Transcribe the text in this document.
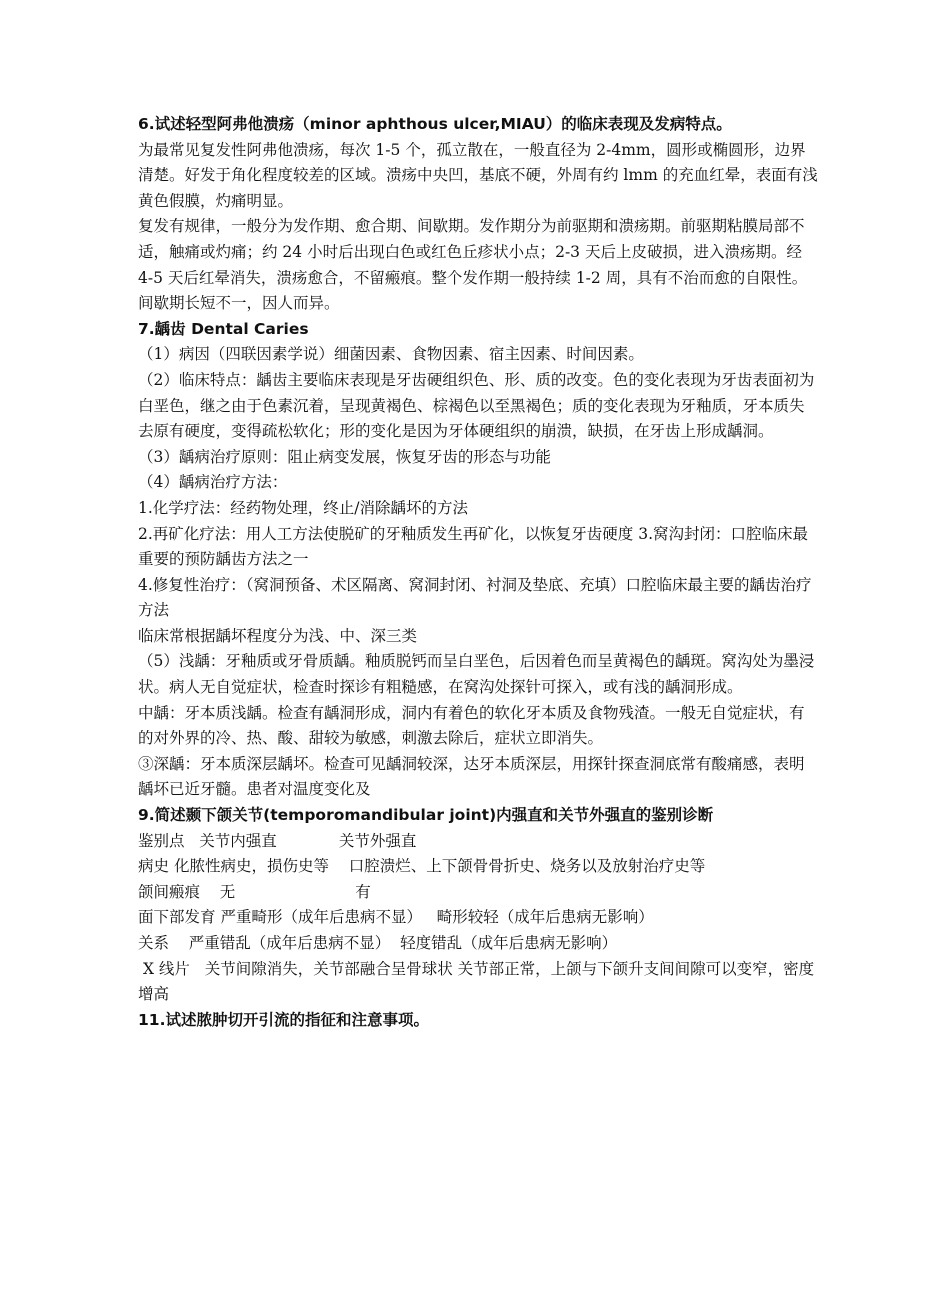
6.试述轻型阿弗他溃疡（minor aphthous ulcer,MIAU）的临床表现及发病特点。
为最常见复发性阿弗他溃疡，每次 1-5 个，孤立散在，一般直径为 2-4mm，圆形或椭圆形，边界清楚。好发于角化程度较差的区域。溃疡中央凹，基底不硬，外周有约 lmm 的充血红晕，表面有浅黄色假膜，灼痛明显。
复发有规律，一般分为发作期、愈合期、间歇期。发作期分为前驱期和溃疡期。前驱期粘膜局部不适，触痛或灼痛；约 24 小时后出现白色或红色丘疹状小点；2-3 天后上皮破损，进入溃疡期。经 4-5 天后红晕消失，溃疡愈合，不留瘢痕。整个发作期一般持续 1-2 周，具有不治而愈的自限性。间歇期长短不一，因人而异。
7.龋齿 Dental Caries
（1）病因（四联因素学说）细菌因素、食物因素、宿主因素、时间因素。
（2）临床特点：龋齿主要临床表现是牙齿硬组织色、形、质的改变。色的变化表现为牙齿表面初为白垩色，继之由于色素沉着，呈现黄褐色、棕褐色以至黑褐色；质的变化表现为牙釉质，牙本质失去原有硬度，变得疏松软化；形的变化是因为牙体硬组织的崩溃，缺损，在牙齿上形成龋洞。
（3）龋病治疗原则：阻止病变发展，恢复牙齿的形态与功能
（4）龋病治疗方法：
1.化学疗法：经药物处理，终止/消除龋坏的方法
2.再矿化疗法：用人工方法使脱矿的牙釉质发生再矿化，以恢复牙齿硬度 3.窝沟封闭：口腔临床最重要的预防龋齿方法之一
4.修复性治疗：（窝洞预备、术区隔离、窝洞封闭、衬洞及垫底、充填）口腔临床最主要的龋齿治疗方法
临床常根据龋坏程度分为浅、中、深三类
（5）浅龋：牙釉质或牙骨质龋。釉质脱钙而呈白垩色，后因着色而呈黄褐色的龋斑。窝沟处为墨浸状。病人无自觉症状，检查时探诊有粗糙感，在窝沟处探针可探入，或有浅的龋洞形成。
中龋：牙本质浅龋。检查有龋洞形成，洞内有着色的软化牙本质及食物残渣。一般无自觉症状，有的对外界的冷、热、酸、甜较为敏感，刺激去除后，症状立即消失。
③深龋：牙本质深层龋坏。检查可见龋洞较深，达牙本质深层，用探针探查洞底常有酸痛感，表明龋坏已近牙髓。患者对温度变化及
9.简述颞下颌关节(temporomandibular joint)内强直和关节外强直的鉴别诊断
鉴别点 关节内强直	关节外强直
病史 化脓性病史，损伤史等 口腔溃烂、上下颌骨骨折史、烧务以及放射治疗史等
颌间瘢痕 无	有
面下部发育 严重畸形（成年后患病不显） 畸形较轻（成年后患病无影响）
关系 严重错乱（成年后患病不显） 轻度错乱（成年后患病无影响）
X 线片 关节间隙消失，关节部融合呈骨球状 关节部正常，上颌与下颌升支间间隙可以变窄，密度增高
11.试述脓肿切开引流的指征和注意事项。
